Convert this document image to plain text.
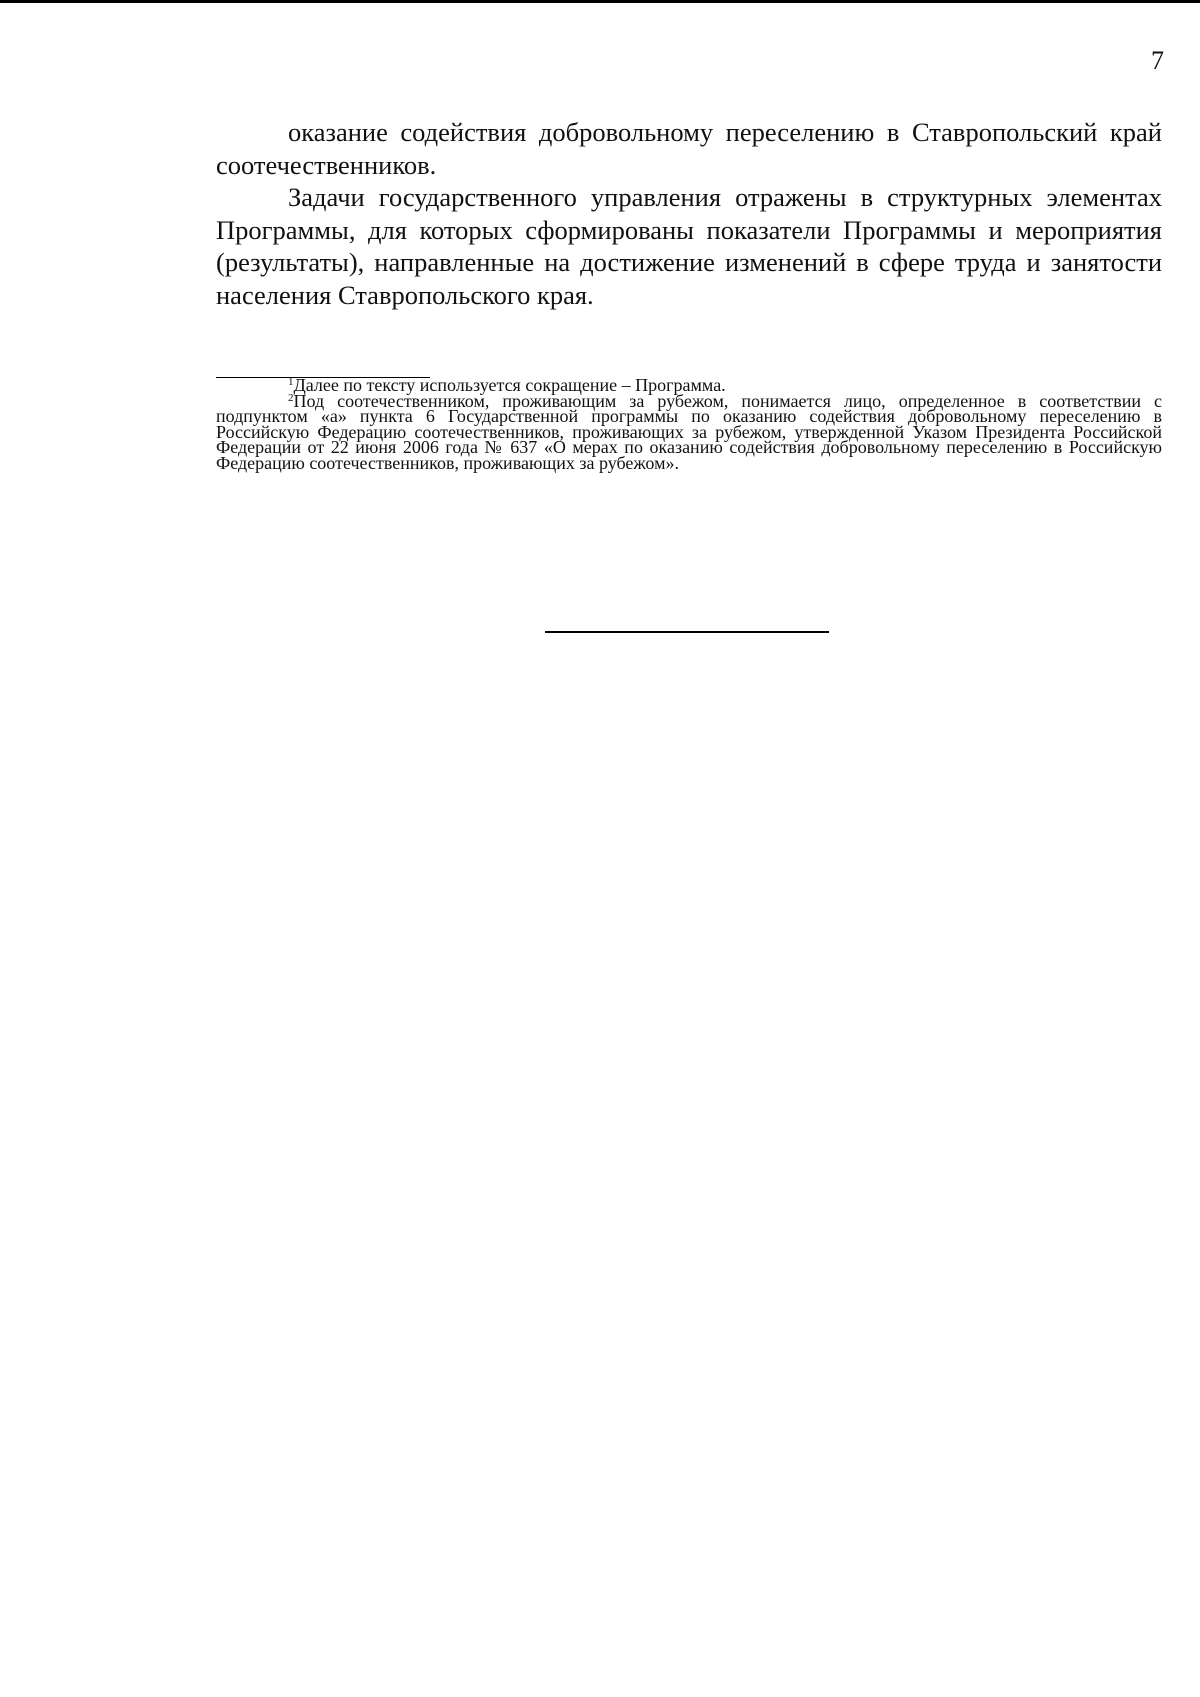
7

оказание содействия добровольному переселению в Ставропольский край соотечественников.

Задачи государственного управления отражены в структурных элементах Программы, для которых сформированы показатели Программы и мероприятия (результаты), направленные на достижение изменений в сфере труда и занятости населения Ставропольского края.

$^1$Далее по тексту используется сокращение – Программа.

$^2$Под соотечественником, проживающим за рубежом, понимается лицо, определенное в соответствии с подпунктом «а» пункта 6 Государственной программы по оказанию содействия добровольному переселению в Российскую Федерацию соотечественников, проживающих за рубежом, утвержденной Указом Президента Российской Федерации от 22 июня 2006 года № 637 «О мерах по оказанию содействия добровольному переселению в Российскую Федерацию соотечественников, проживающих за рубежом».
